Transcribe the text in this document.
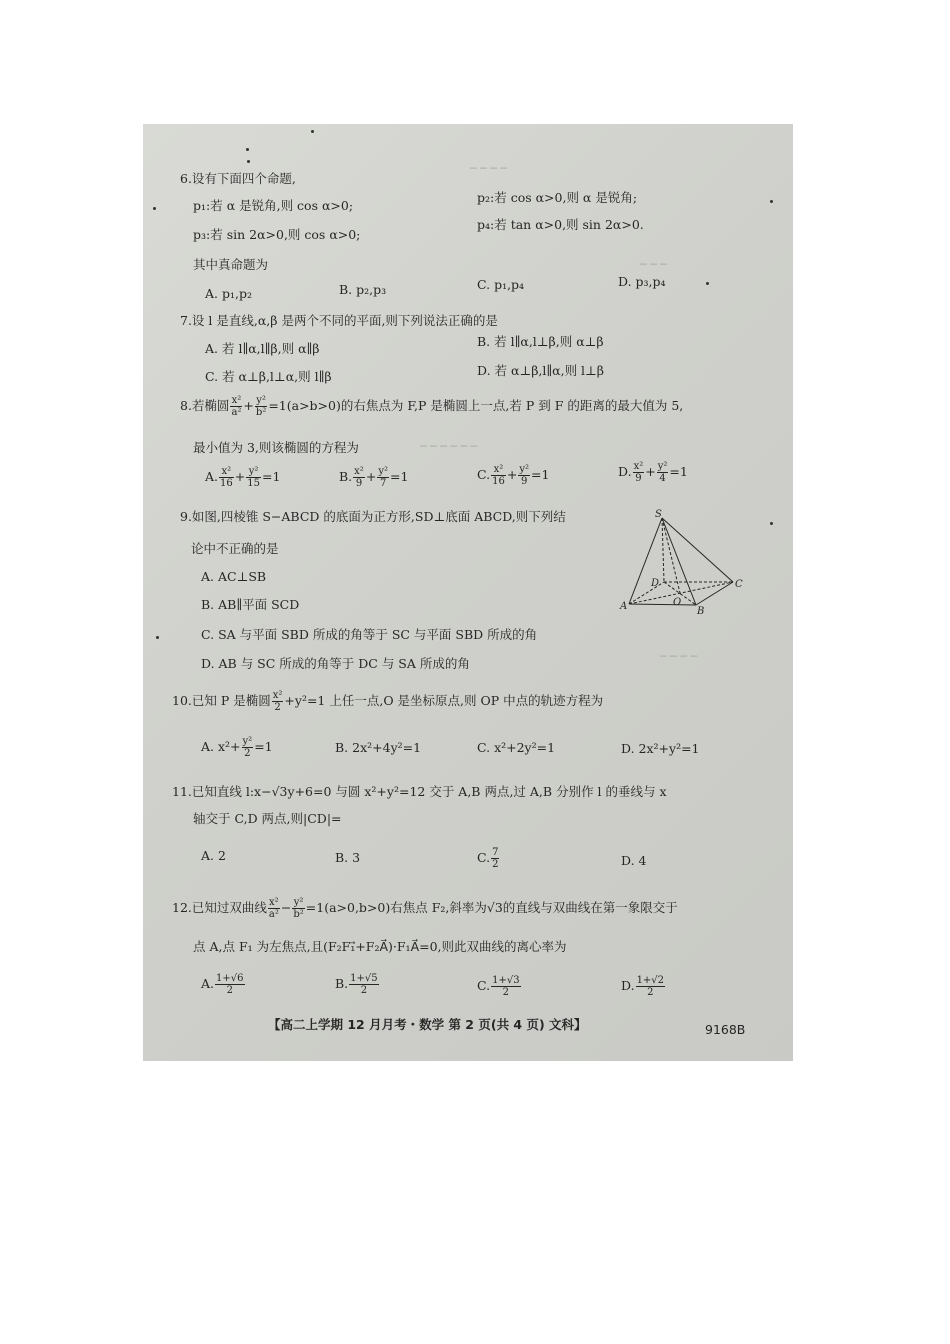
─ ─ ─ ─
─ ─ ─
─ ─ ─ ─ ─ ─
─ ─ ─ ─
6.设有下面四个命题,
p₁:若 α 是锐角,则 cos α>0;
p₂:若 cos α>0,则 α 是锐角;
p₃:若 sin 2α>0,则 cos α>0;
p₄:若 tan α>0,则 sin 2α>0.
其中真命题为
A. p₁,p₂	B. p₂,p₃	C. p₁,p₄	D. p₃,p₄
7.设 l 是直线,α,β 是两个不同的平面,则下列说法正确的是
A. 若 l∥α,l∥β,则 α∥β	B. 若 l∥α,l⊥β,则 α⊥β
C. 若 α⊥β,l⊥α,则 l∥β	D. 若 α⊥β,l∥α,则 l⊥β
8.若椭圆 $\frac{\text{x²}}{\text{a²}} + \frac{\text{y²}}{\text{b²}} =1(a>b>0)$的右焦点为 F,P 是椭圆上一点,若 P 到 F 的距离的最大值为 5,
最小值为 3,则该椭圆的方程为
A. $\frac{\text{x²}}{16} + \frac{\text{y²}}{15} =1$	B. $\frac{\text{x²}}{9} + \frac{\text{y²}}{7} =1$	C. $\frac{\text{x²}}{16} + \frac{\text{y²}}{9} =1$	D. $\frac{\text{x²}}{9} + \frac{\text{y²}}{4} =1$
9.如图,四棱锥 S−ABCD 的底面为正方形,SD⊥底面 ABCD,则下列结
论中不正确的是
A. AC⊥SB
B. AB∥平面 SCD
C. SA 与平面 SBD 所成的角等于 SC 与平面 SBD 所成的角
D. AB 与 SC 所成的角等于 DC 与 SA 所成的角
S
A	B
C
D
O
10.已知 P 是椭圆 $\frac{\text{x²}}{2} +y^2=1$ 上任一点,O 是坐标原点,则 OP 中点的轨迹方程为
A. $x^2+ \frac{\text{y²}}{2} =1$	B. 2x²+4y²=1	C. x²+2y²=1	D. 2x²+y²=1
11.已知直线 l:x−√3y+6=0 与圆 x²+y²=12 交于 A,B 两点,过 A,B 分别作 l 的垂线与 x
轴交于 C,D 两点,则|CD|=
A. 2	B. 3	C. $\frac{7}{2}$	D. 4
12.已知过双曲线 $\frac{\text{x²}}{\text{a²}} - \frac{\text{y²}}{\text{b²}} =1(a>0,b>0)$右焦点 F₂,斜率为√3的直线与双曲线在第一象限交于
点 A,点 F₁ 为左焦点,且(F₂F₁⃗+F₂A⃗)·F₁A⃗=0,则此双曲线的离心率为
A. $\frac{1+√6}{2}$	B. $\frac{1+√5}{2}$	C. $\frac{1+√3}{2}$	D. $\frac{1+√2}{2}$
【高二上学期 12 月月考・数学 第 2 页(共 4 页) 文科】	9168B
